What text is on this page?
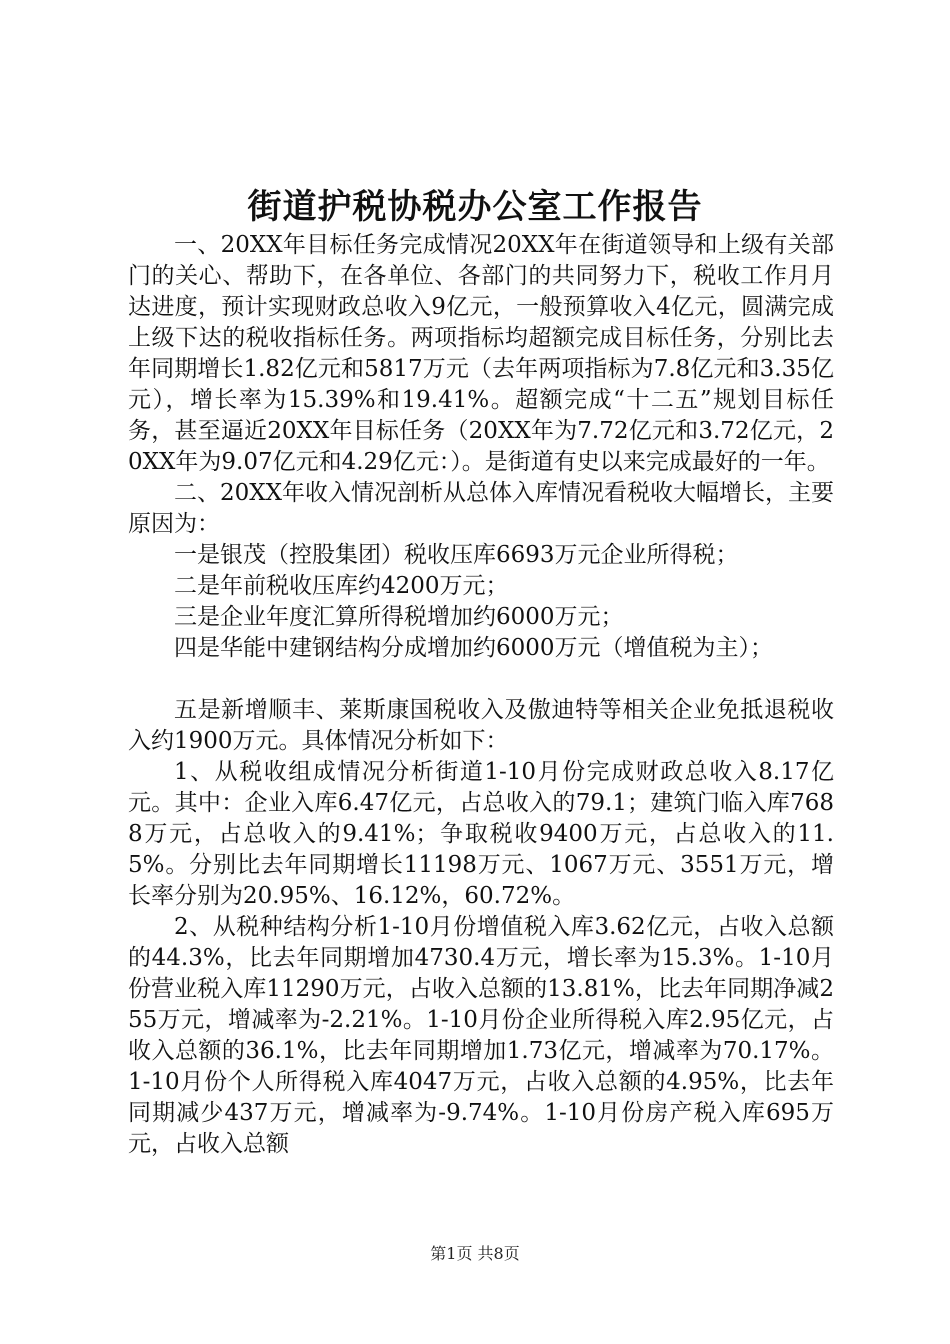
街道护税协税办公室工作报告

一、20XX年目标任务完成情况20XX年在街道领导和上级有关部门的关心、帮助下，在各单位、各部门的共同努力下，税收工作月月达进度，预计实现财政总收入9亿元，一般预算收入4亿元，圆满完成上级下达的税收指标任务。两项指标均超额完成目标任务，分别比去年同期增长1.82亿元和5817万元（去年两项指标为7.8亿元和3.35亿元），增长率为15.39%和19.41%。超额完成“十二五”规划目标任务，甚至逼近20XX年目标任务（20XX年为7.72亿元和3.72亿元，20XX年为9.07亿元和4.29亿元：）。是街道有史以来完成最好的一年。

二、20XX年收入情况剖析从总体入库情况看税收大幅增长，主要原因为：

一是银茂（控股集团）税收压库6693万元企业所得税；

二是年前税收压库约4200万元；

三是企业年度汇算所得税增加约6000万元；

四是华能中建钢结构分成增加约6000万元（增值税为主）；

五是新增顺丰、莱斯康国税收入及傲迪特等相关企业免抵退税收入约1900万元。具体情况分析如下：

1、从税收组成情况分析街道1-10月份完成财政总收入8.17亿元。其中：企业入库6.47亿元，占总收入的79.1；建筑门临入库7688万元，占总收入的9.41%；争取税收9400万元，占总收入的11.5%。分别比去年同期增长11198万元、1067万元、3551万元，增长率分别为20.95%、16.12%，60.72%。

2、从税种结构分析1-10月份增值税入库3.62亿元，占收入总额的44.3%，比去年同期增加4730.4万元，增长率为15.3%。1-10月份营业税入库11290万元，占收入总额的13.81%，比去年同期净减255万元，增减率为-2.21%。1-10月份企业所得税入库2.95亿元，占收入总额的36.1%，比去年同期增加1.73亿元，增减率为70.17%。1-10月份个人所得税入库4047万元，占收入总额的4.95%，比去年同期减少437万元，增减率为-9.74%。1-10月份房产税入库695万元，占收入总额

第1页 共8页
